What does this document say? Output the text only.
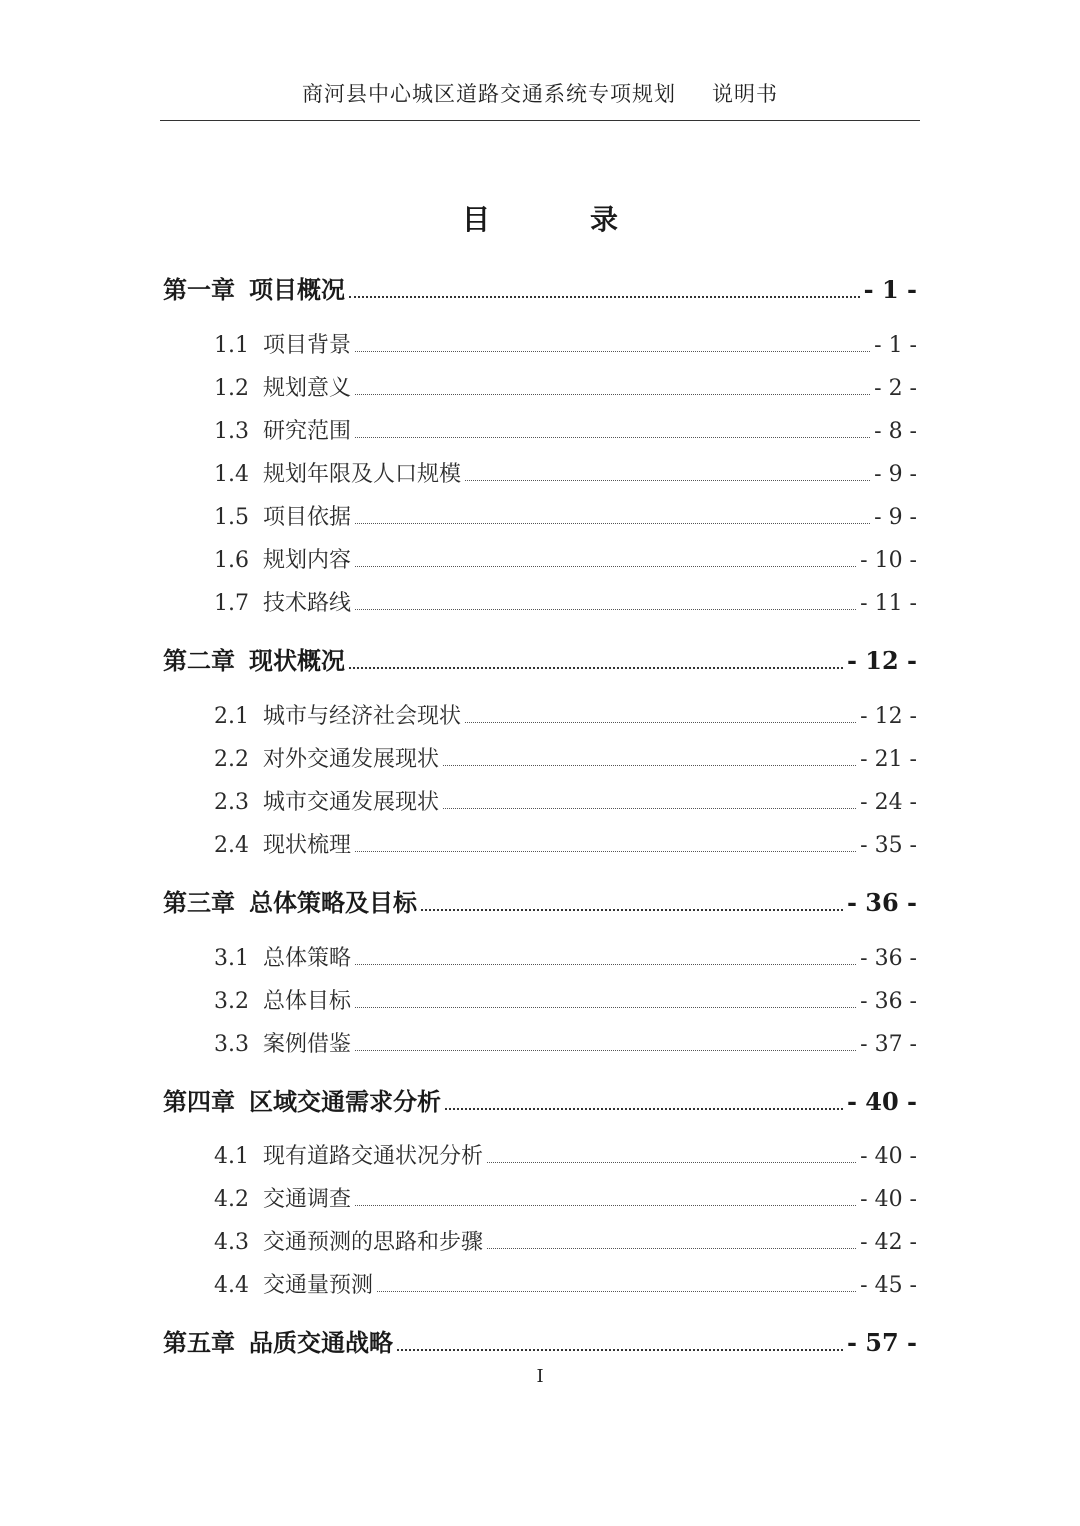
商河县中心城区道路交通系统专项规划 说明书
目　录
第一章 项目概况	- 1 -
1.1 项目背景	- 1 -
1.2 规划意义	- 2 -
1.3 研究范围	- 8 -
1.4 规划年限及人口规模	- 9 -
1.5 项目依据	- 9 -
1.6 规划内容	- 10 -
1.7 技术路线	- 11 -
第二章 现状概况	- 12 -
2.1 城市与经济社会现状	- 12 -
2.2 对外交通发展现状	- 21 -
2.3 城市交通发展现状	- 24 -
2.4 现状梳理	- 35 -
第三章 总体策略及目标	- 36 -
3.1 总体策略	- 36 -
3.2 总体目标	- 36 -
3.3 案例借鉴	- 37 -
第四章 区域交通需求分析	- 40 -
4.1 现有道路交通状况分析	- 40 -
4.2 交通调查	- 40 -
4.3 交通预测的思路和步骤	- 42 -
4.4 交通量预测	- 45 -
第五章 品质交通战略	- 57 -
I
